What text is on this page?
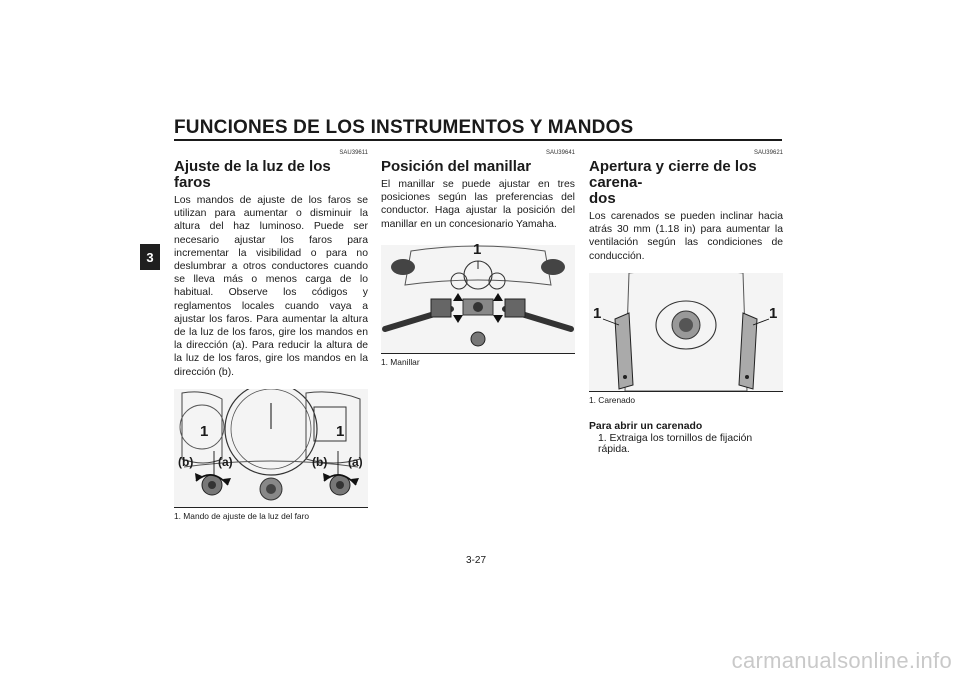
FUNCIONES DE LOS INSTRUMENTOS Y MANDOS
3
SAU39611
Ajuste de la luz de los faros

Los mandos de ajuste de los faros se utilizan para aumentar o disminuir la altura del haz luminoso. Puede ser necesario ajustar los faros para incrementar la visibilidad o para no deslumbrar a otros conductores cuando se lleva más o menos carga de lo habitual. Observe los códigos y reglamentos locales cuando vaya a ajustar los faros. Para aumentar la altura de la luz de los faros, gire los mandos en la dirección (a). Para reducir la altura de la luz de los faros, gire los mandos en la dirección (b).

1	1
(b) (a)	(b) (a)
1. Mando de ajuste de la luz del faro
SAU39641
Posición del manillar

El manillar se puede ajustar en tres posiciones según las preferencias del conductor. Haga ajustar la posición del manillar en un concesionario Yamaha.

1
1. Manillar
SAU39621
Apertura y cierre de los carena-
dos

Los carenados se pueden inclinar hacia atrás 30 mm (1.18 in) para aumentar la ventilación según las condiciones de conducción.

1	1
1. Carenado
Para abrir un carenado
1. Extraiga los tornillos de fijación rápida.
3-27
carmanualsonline.info
